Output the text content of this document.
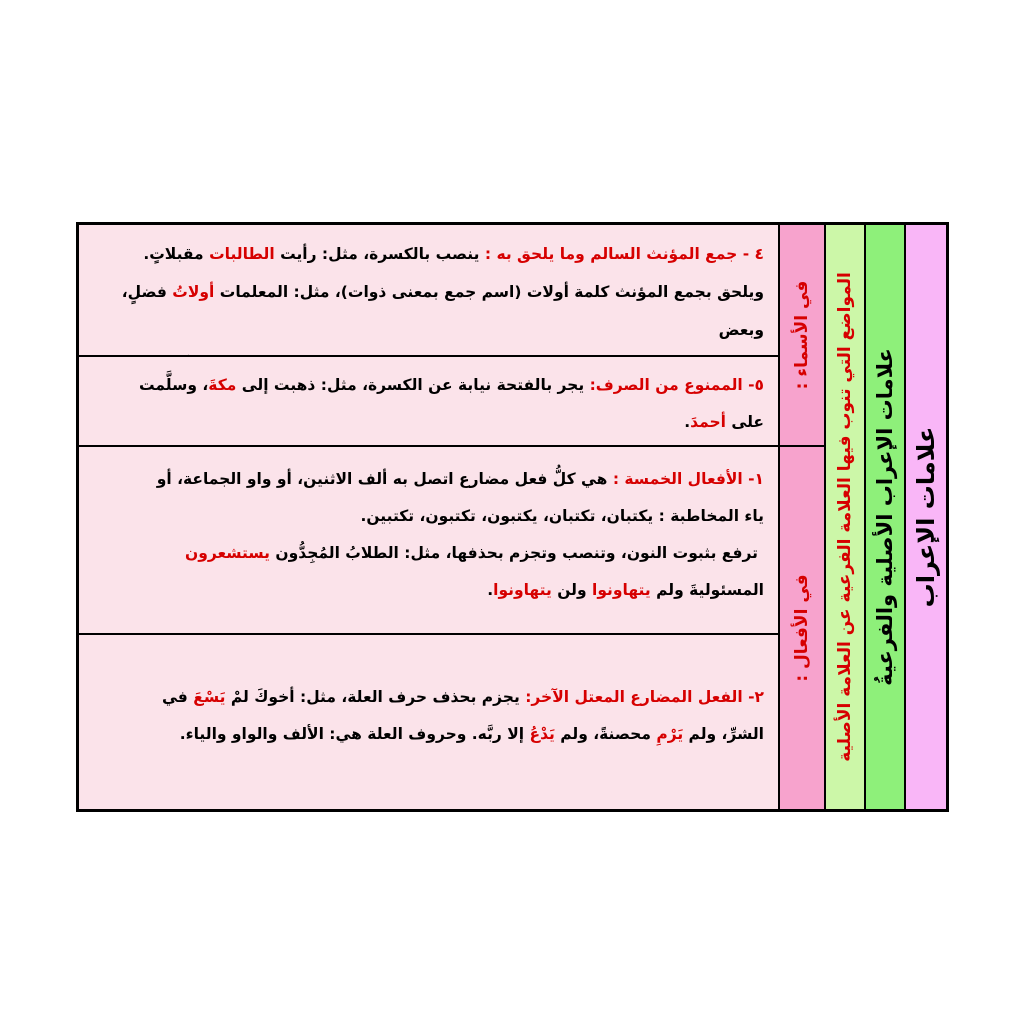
علامات الإعراب
علامات الإعراب الأصلية والفرعيةُ
المواضع التي تنوب فيها العلامة الفرعية عن العلامة الأصلية
في الأسماء :
في الأفعال :

٤ - جمع المؤنث السالم وما يلحق به : ينصب بالكسرة، مثل: رأيت الطالبات مقبلاتٍ.

ويلحق بجمع المؤنث كلمة أولات (اسم جمع بمعنى ذوات)، مثل: المعلمات أولاتُ فضلٍ، وبعض

٥- الممنوع من الصرف: يجر بالفتحة نيابة عن الكسرة، مثل: ذهبت إلى مكةَ، وسلَّمت

على أحمدَ.

١- الأفعال الخمسة : هي كلُّ فعل مضارع اتصل به ألف الاثنين، أو واو الجماعة، أو

ياء المخاطبة : يكتبان، تكتبان، يكتبون، تكتبون، تكتبين.

ترفع بثبوت النون، وتنصب وتجزم بحذفها، مثل: الطلابُ المُجِدُّون يستشعرون

المسئوليةَ ولم يتهاونوا ولن يتهاونوا.

٢- الفعل المضارع المعتل الآخر: يجزم بحذف حرف العلة، مثل: أخوكَ لمْ يَسْعَ في

الشرِّ، ولم يَرْمِ محصنةً، ولم يَدْعُ إلا ربَّه. وحروف العلة هي: الألف والواو والياء.
